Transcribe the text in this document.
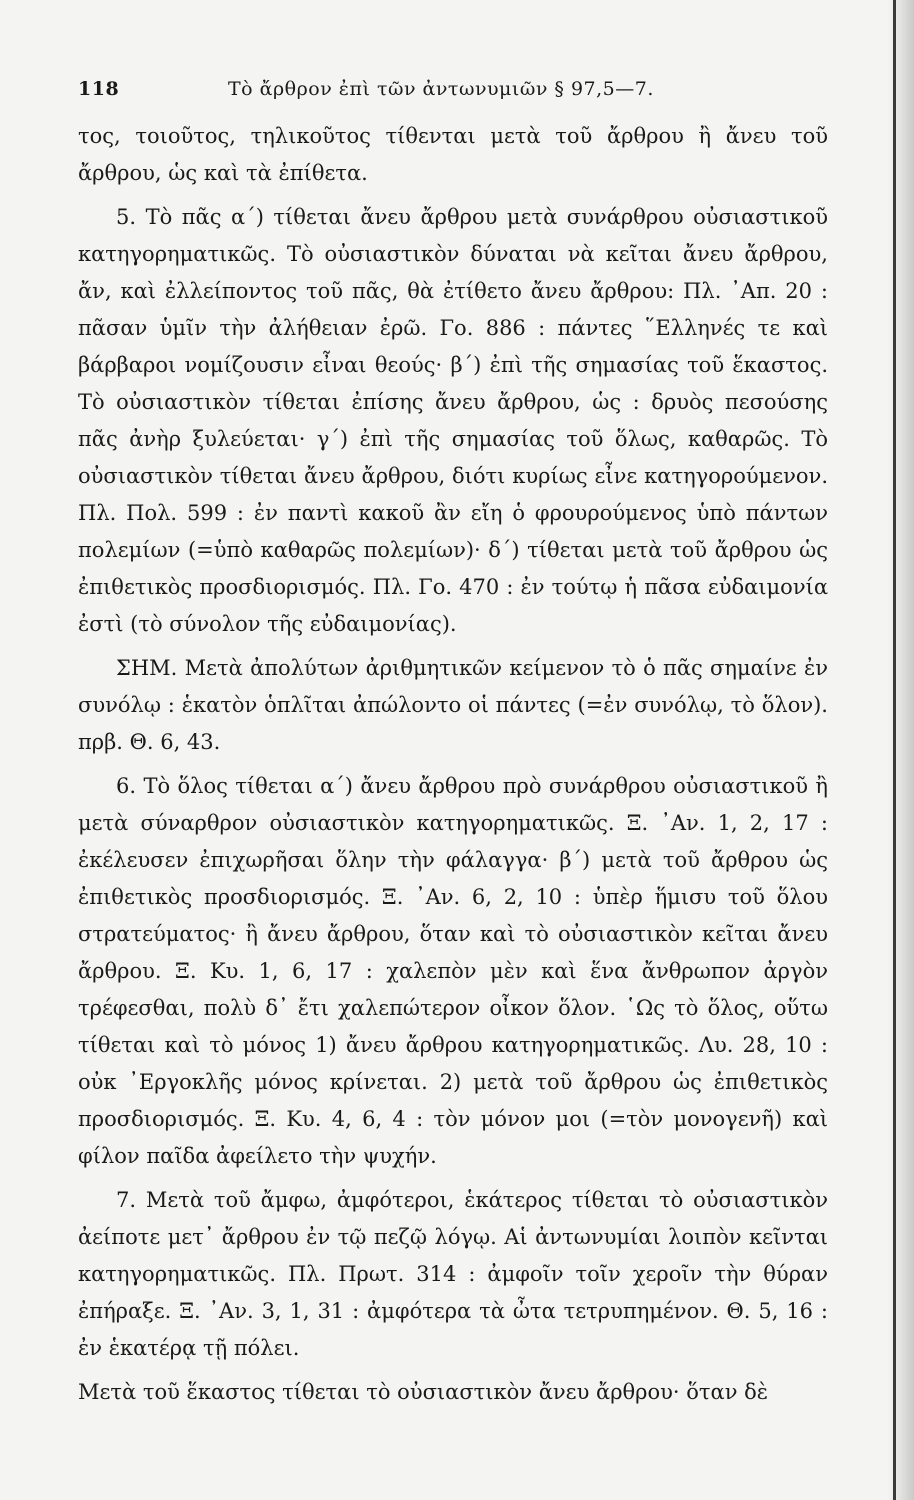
118	Τὸ ἄρθρον ἐπὶ τῶν ἀντωνυμιῶν § 97,5—7.

τος, τοιοῦτος, τηλικοῦτος τίθενται μετὰ τοῦ ἄρθρου ἢ ἄνευ τοῦ ἄρθρου, ὡς καὶ τὰ ἐπίθετα.

5. Τὸ πᾶς α΄) τίθεται ἄνευ ἄρθρου μετὰ συνάρθρου οὐσιαστικοῦ κατηγορηματικῶς. Τὸ οὐσιαστικὸν δύναται νὰ κεῖται ἄνευ ἄρθρου, ἄν, καὶ ἐλλείποντος τοῦ πᾶς, θὰ ἐτίθετο ἄνευ ἄρθρου: Πλ. ᾽Απ. 20 : πᾶσαν ὑμῖν τὴν ἀλήθειαν ἐρῶ. Γο. 886 : πάντες ῞Ελληνές τε καὶ βάρβαροι νομίζουσιν εἶναι θεούς· β΄) ἐπὶ τῆς σημασίας τοῦ ἕκαστος. Τὸ οὐσιαστικὸν τίθεται ἐπίσης ἄνευ ἄρθρου, ὡς : δρυὸς πεσούσης πᾶς ἀνὴρ ξυλεύεται· γ΄) ἐπὶ τῆς σημασίας τοῦ ὅλως, καθαρῶς. Τὸ οὐσιαστικὸν τίθεται ἄνευ ἄρθρου, διότι κυρίως εἶνε κατηγορούμενον. Πλ. Πολ. 599 : ἐν παντὶ κακοῦ ἂν εἴη ὁ φρουρούμενος ὑπὸ πάντων πολεμίων (=ὑπὸ καθαρῶς πολεμίων)· δ΄) τίθεται μετὰ τοῦ ἄρθρου ὡς ἐπιθετικὸς προσδιορισμός. Πλ. Γο. 470 : ἐν τούτῳ ἡ πᾶσα εὐδαιμονία ἐστὶ (τὸ σύνολον τῆς εὐδαιμονίας).

ΣΗΜ. Μετὰ ἀπολύτων ἀριθμητικῶν κείμενον τὸ ὁ πᾶς σημαίνε ἐν συνόλῳ : ἑκατὸν ὁπλῖται ἀπώλοντο οἱ πάντες (=ἐν συνόλῳ, τὸ ὅλον). πρβ. Θ. 6, 43.

6. Τὸ ὅλος τίθεται α΄) ἄνευ ἄρθρου πρὸ συνάρθρου οὐσιαστικοῦ ἢ μετὰ σύναρθρον οὐσιαστικὸν κατηγορηματικῶς. Ξ. ᾽Αν. 1, 2, 17 : ἐκέλευσεν ἐπιχωρῆσαι ὅλην τὴν φάλαγγα· β΄) μετὰ τοῦ ἄρθρου ὡς ἐπιθετικὸς προσδιορισμός. Ξ. ᾽Αν. 6, 2, 10 : ὑπὲρ ἥμισυ τοῦ ὅλου στρατεύματος· ἢ ἄνευ ἄρθρου, ὅταν καὶ τὸ οὐσιαστικὸν κεῖται ἄνευ ἄρθρου. Ξ. Κυ. 1, 6, 17 : χαλεπὸν μὲν καὶ ἕνα ἄνθρωπον ἀργὸν τρέφεσθαι, πολὺ δ᾽ ἔτι χαλεπώτερον οἶκον ὅλον. ῾Ως τὸ ὅλος, οὕτω τίθεται καὶ τὸ μόνος 1) ἄνευ ἄρθρου κατηγορηματικῶς. Λυ. 28, 10 : οὐκ ᾽Εργοκλῆς μόνος κρίνεται. 2) μετὰ τοῦ ἄρθρου ὡς ἐπιθετικὸς προσδιορισμός. Ξ. Κυ. 4, 6, 4 : τὸν μόνον μοι (=τὸν μονογενῆ) καὶ φίλον παῖδα ἀφείλετο τὴν ψυχήν.

7. Μετὰ τοῦ ἄμφω, ἀμφότεροι, ἑκάτερος τίθεται τὸ οὐσιαστικὸν ἀείποτε μετ᾽ ἄρθρου ἐν τῷ πεζῷ λόγῳ. Αἱ ἀντωνυμίαι λοιπὸν κεῖνται κατηγορηματικῶς. Πλ. Πρωτ. 314 : ἀμφοῖν τοῖν χεροῖν τὴν θύραν ἐπήραξε. Ξ. ᾽Αν. 3, 1, 31 : ἀμφότερα τὰ ὦτα τετρυπημένον. Θ. 5, 16 : ἐν ἑκατέρᾳ τῇ πόλει.

Μετὰ τοῦ ἕκαστος τίθεται τὸ οὐσιαστικὸν ἄνευ ἄρθρου· ὅταν δὲ
